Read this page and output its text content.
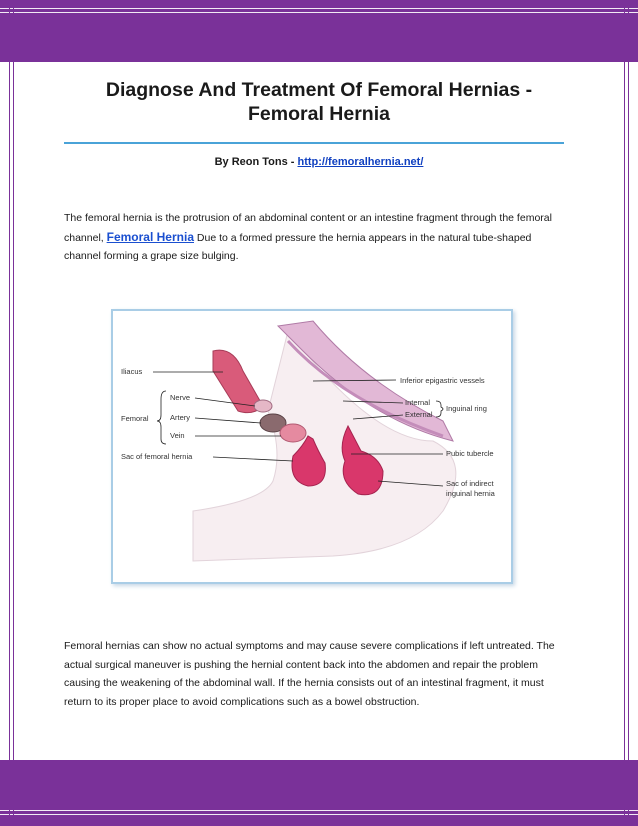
Diagnose And Treatment Of Femoral Hernias -
Femoral Hernia
By Reon Tons - http://femoralhernia.net/
The femoral hernia is the protrusion of an abdominal content or an intestine fragment through the femoral channel, Femoral Hernia Due to a formed pressure the hernia appears in the natural tube-shaped channel forming a grape size bulging.
Iliacus
Nerve
Femoral	Artery
Vein
Sac of femoral hernia
Inferior epigastric vessels
Internal
External
Inguinal ring
Pubic tubercle
Sac of indirect
inguinal hernia
Femoral hernias can show no actual symptoms and may cause severe complications if left untreated. The actual surgical maneuver is pushing the hernial content back into the abdomen and repair the problem causing the weakening of the abdominal wall. If the hernia consists out of an intestinal fragment, it must return to its proper place to avoid complications such as a bowel obstruction.
